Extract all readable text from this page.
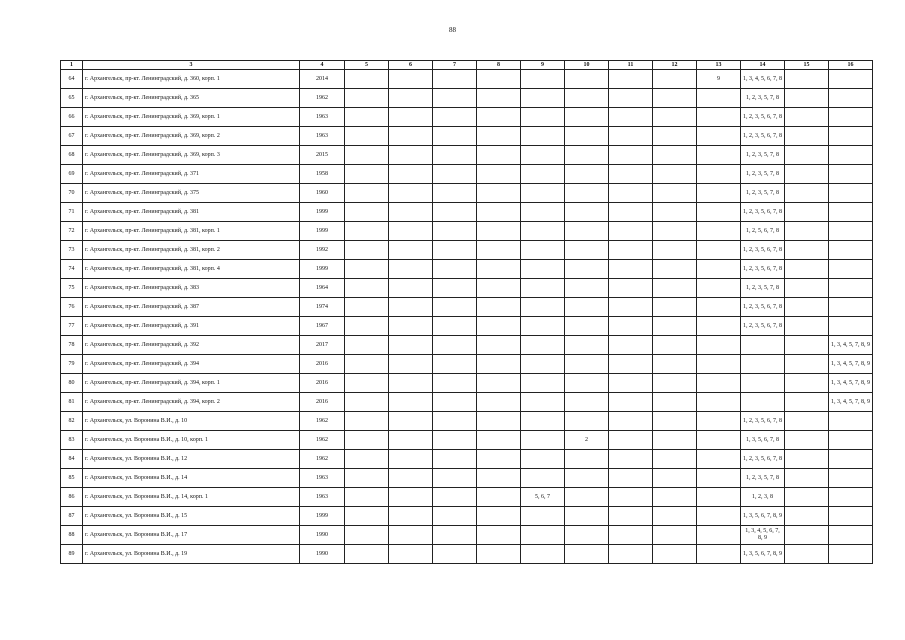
88
1	3	4	5	6	7	8	9	10	11	12	13	14	15	16
64	г. Архангельск, пр-кт. Ленинградский, д. 360, корп. 1	2014									9	1, 3, 4, 5, 6, 7, 8		
65	г. Архангельск, пр-кт. Ленинградский, д. 365	1962										1, 2, 3, 5, 7, 8		
66	г. Архангельск, пр-кт. Ленинградский, д. 369, корп. 1	1963										1, 2, 3, 5, 6, 7, 8		
67	г. Архангельск, пр-кт. Ленинградский, д. 369, корп. 2	1963										1, 2, 3, 5, 6, 7, 8		
68	г. Архангельск, пр-кт. Ленинградский, д. 369, корп. 3	2015										1, 2, 3, 5, 7, 8		
69	г. Архангельск, пр-кт. Ленинградский, д. 371	1958										1, 2, 3, 5, 7, 8		
70	г. Архангельск, пр-кт. Ленинградский, д. 375	1960										1, 2, 3, 5, 7, 8		
71	г. Архангельск, пр-кт. Ленинградский, д. 381	1999										1, 2, 3, 5, 6, 7, 8		
72	г. Архангельск, пр-кт. Ленинградский, д. 381, корп. 1	1999										1, 2, 5, 6, 7, 8		
73	г. Архангельск, пр-кт. Ленинградский, д. 381, корп. 2	1992										1, 2, 3, 5, 6, 7, 8		
74	г. Архангельск, пр-кт. Ленинградский, д. 381, корп. 4	1999										1, 2, 3, 5, 6, 7, 8		
75	г. Архангельск, пр-кт. Ленинградский, д. 383	1964										1, 2, 3, 5, 7, 8		
76	г. Архангельск, пр-кт. Ленинградский, д. 387	1974										1, 2, 3, 5, 6, 7, 8		
77	г. Архангельск, пр-кт. Ленинградский, д. 391	1967										1, 2, 3, 5, 6, 7, 8		
78	г. Архангельск, пр-кт. Ленинградский, д. 392	2017												1, 3, 4, 5, 7, 8, 9
79	г. Архангельск, пр-кт. Ленинградский, д. 394	2016												1, 3, 4, 5, 7, 8, 9
80	г. Архангельск, пр-кт. Ленинградский, д. 394, корп. 1	2016												1, 3, 4, 5, 7, 8, 9
81	г. Архангельск, пр-кт. Ленинградский, д. 394, корп. 2	2016												1, 3, 4, 5, 7, 8, 9
82	г. Архангельск, ул. Воронина В.И., д. 10	1962										1, 2, 3, 5, 6, 7, 8		
83	г. Архангельск, ул. Воронина В.И., д. 10, корп. 1	1962						2				1, 3, 5, 6, 7, 8		
84	г. Архангельск, ул. Воронина В.И., д. 12	1962										1, 2, 3, 5, 6, 7, 8		
85	г. Архангельск, ул. Воронина В.И., д. 14	1963										1, 2, 3, 5, 7, 8		
86	г. Архангельск, ул. Воронина В.И., д. 14, корп. 1	1963					5, 6, 7					1, 2, 3, 8		
87	г. Архангельск, ул. Воронина В.И., д. 15	1999										1, 3, 5, 6, 7, 8, 9		
88	г. Архангельск, ул. Воронина В.И., д. 17	1990										1, 3, 4, 5, 6, 7, 8, 9		
89	г. Архангельск, ул. Воронина В.И., д. 19	1990										1, 3, 5, 6, 7, 8, 9		
